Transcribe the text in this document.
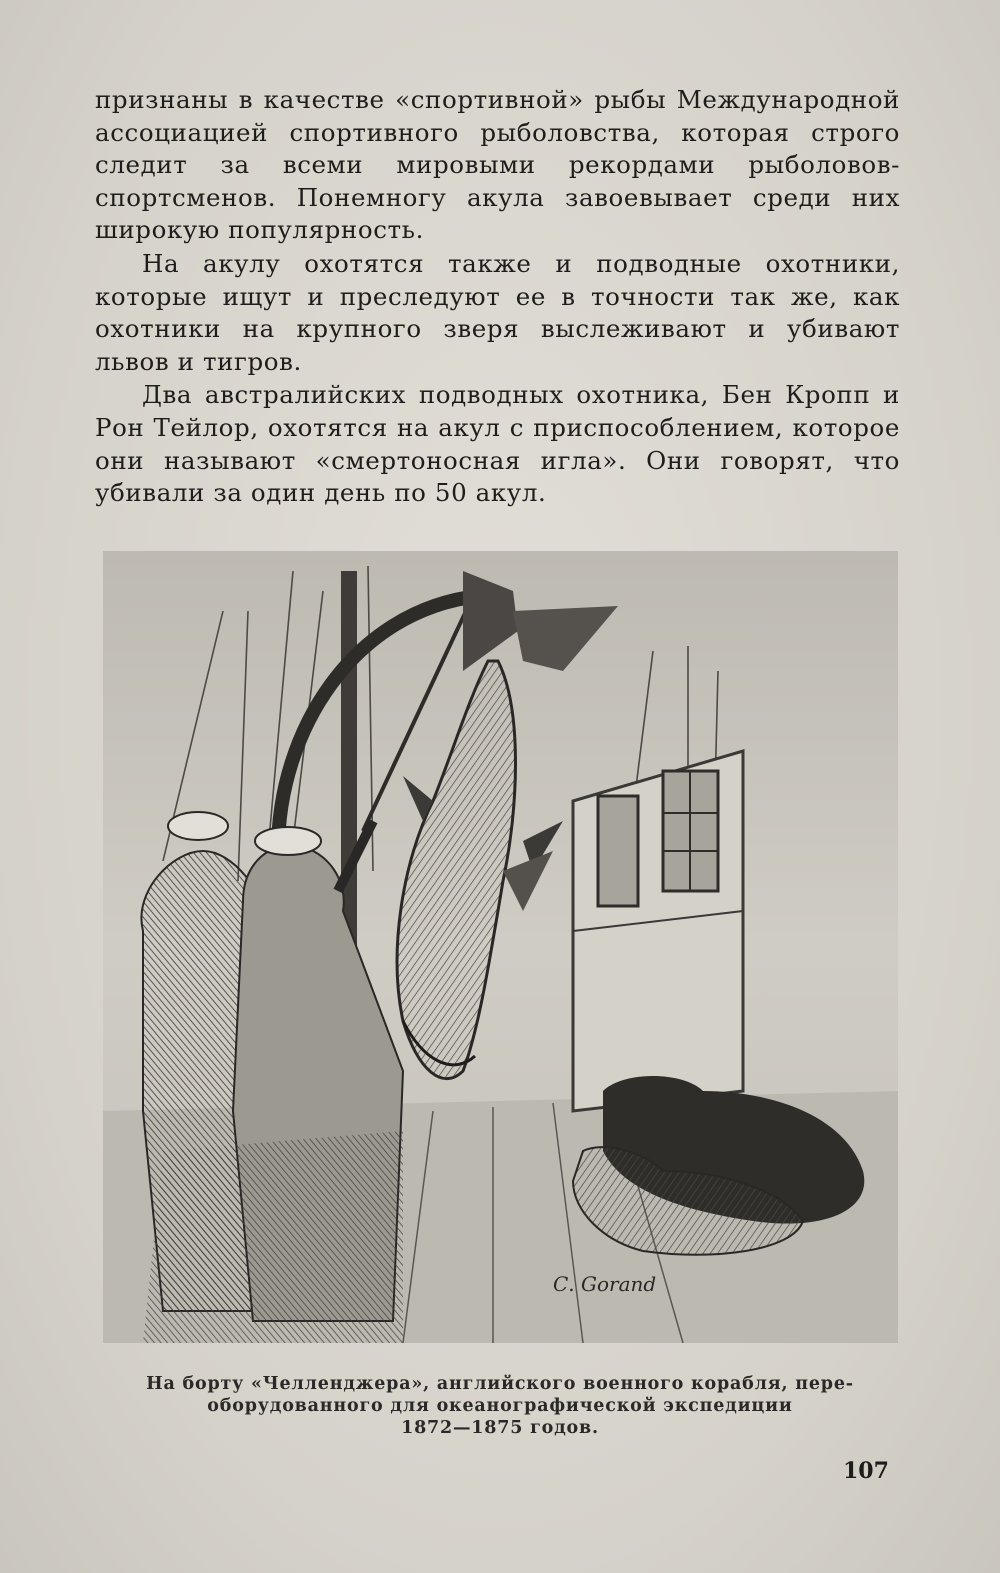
признаны в качестве «спортивной» рыбы Международной ассоциацией спортивного рыболовства, которая строго следит за всеми мировыми рекордами рыболовов-спортсменов. Понемногу акула завоевывает среди них широкую популярность.

На акулу охотятся также и подводные охотники, которые ищут и преследуют ее в точности так же, как охотники на крупного зверя выслеживают и убивают львов и тигров.

Два австралийских подводных охотника, Бен Кропп и Рон Тейлор, охотятся на акул с приспособлением, которое они называют «смертоносная игла». Они говорят, что убивали за один день по 50 акул.

С. Gorand
На борту «Челленджера», английского военного корабля, пере-
оборудованного для океанографической экспедиции
1872—1875 годов.
107
